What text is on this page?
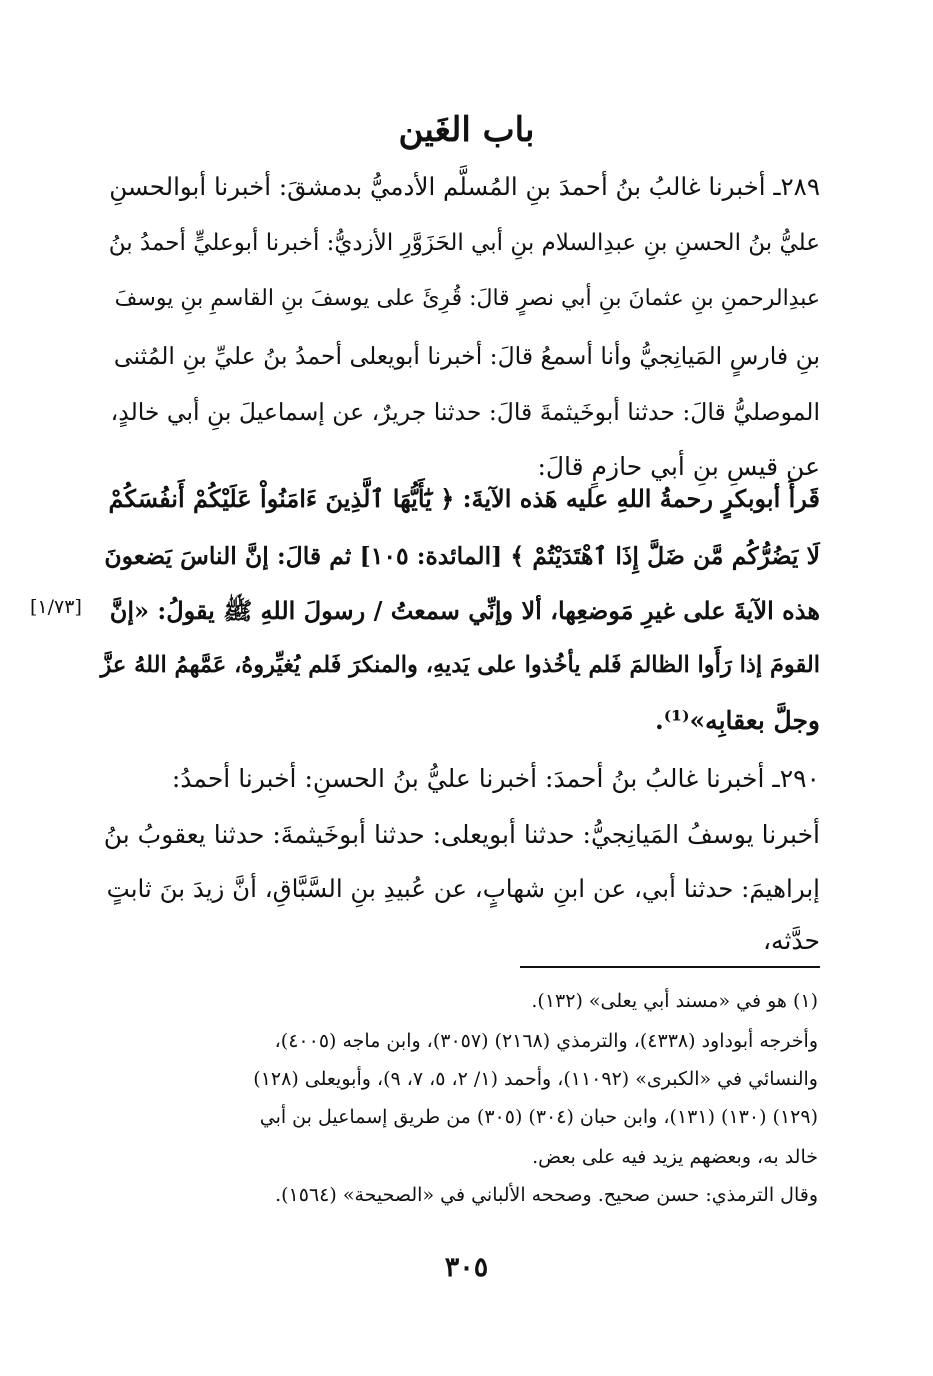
باب الغَين
٢٨٩ـ أخبرنا غالبُ بنُ أحمدَ بنِ المُسلَّم الأدميُّ بدمشقَ: أخبرنا أبوالحسنِ
عليُّ بنُ الحسنِ بنِ عبدِالسلام بنِ أبي الحَزَوَّرِ الأزديُّ: أخبرنا أبوعليٍّ أحمدُ بنُ
عبدِالرحمنِ بنِ عثمانَ بنِ أبي نصرٍ قالَ: قُرِئَ على يوسفَ بنِ القاسمِ بنِ يوسفَ
بنِ فارسٍ المَيانِجيُّ وأنا أسمعُ قالَ: أخبرنا أبويعلى أحمدُ بنُ عليِّ بنِ المُثنى
الموصليُّ قالَ: حدثنا أبوخَيثمةَ قالَ: حدثنا جريرٌ، عن إسماعيلَ بنِ أبي خالدٍ،
عن قيسِ بنِ أبي حازمٍ قالَ:
قَرأَ أبوبكرٍ رحمةُ اللهِ عليه هَذه الآيةَ: ﴿ يَٰٓأَيُّهَا ٱلَّذِينَ ءَامَنُواْ عَلَيْكُمْ أَنفُسَكُمْ
لَا يَضُرُّكُم مَّن ضَلَّ إِذَا ٱهْتَدَيْتُمْ ﴾ [المائدة: ١٠٥] ثم قالَ: إنَّ الناسَ يَضعونَ
هذه الآيةَ على غيرِ مَوضعِها، ألا وإنِّي سمعتُ / رسولَ اللهِ ﷺ يقولُ: «إنَّ
القومَ إذا رَأَوا الظالمَ فَلم يأخُذوا على يَديهِ، والمنكرَ فَلم يُغيِّروهُ، عَمَّهمُ اللهُ عزَّ
وجلَّ بعقابِه»⁽¹⁾.
[١/٧٣]
٢٩٠ـ أخبرنا غالبُ بنُ أحمدَ: أخبرنا عليُّ بنُ الحسنِ: أخبرنا أحمدُ:
أخبرنا يوسفُ المَيانِجيُّ: حدثنا أبويعلى: حدثنا أبوخَيثمةَ: حدثنا يعقوبُ بنُ
إبراهيمَ: حدثنا أبي، عن ابنِ شهابٍ، عن عُبيدِ بنِ السَّبَّاقِ، أنَّ زيدَ بنَ ثابتٍ
حدَّثه،
(١) هو في «مسند أبي يعلى» (١٣٢).
وأخرجه أبوداود (٤٣٣٨)، والترمذي (٢١٦٨) (٣٠٥٧)، وابن ماجه (٤٠٠٥)،
والنسائي في «الكبرى» (١١٠٩٢)، وأحمد (١/ ٢، ٥، ٧، ٩)، وأبويعلى (١٢٨)
(١٢٩) (١٣٠) (١٣١)، وابن حبان (٣٠٤) (٣٠٥) من طريق إسماعيل بن أبي
خالد به، وبعضهم يزيد فيه على بعض.
وقال الترمذي: حسن صحيح. وصححه الألباني في «الصحيحة» (١٥٦٤).
٣٠٥
